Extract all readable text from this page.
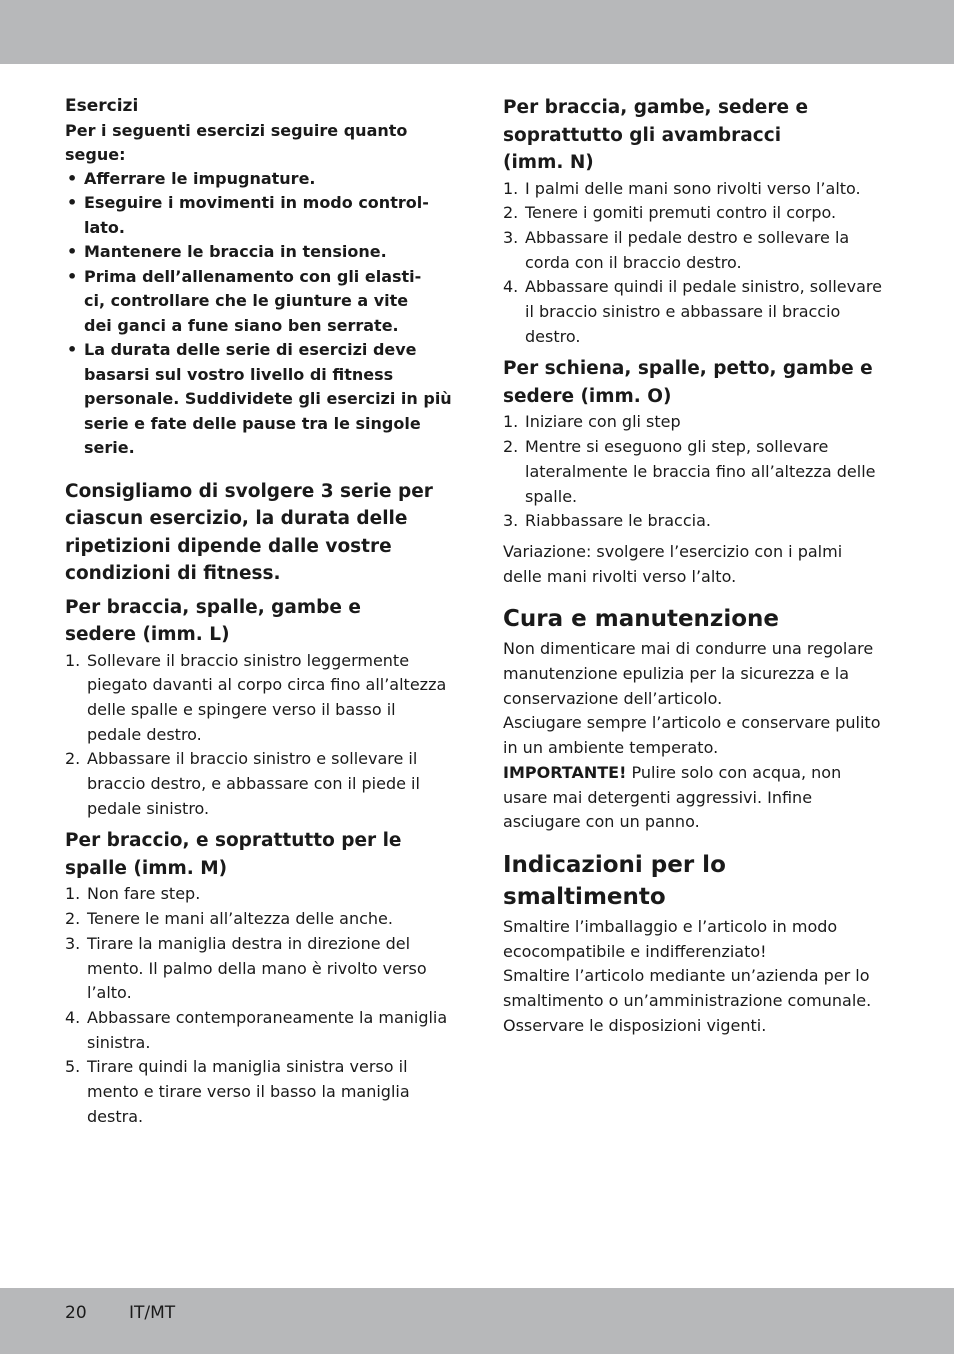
Esercizi

Per i seguenti esercizi seguire quanto segue:

• Afferrare le impugnature.
• Eseguire i movimenti in modo control-lato.
• Mantenere le braccia in tensione.
• Prima dell’allenamento con gli elasti-ci, controllare che le giunture a vite dei ganci a fune siano ben serrate.
• La durata delle serie di esercizi deve basarsi sul vostro livello di fitness personale. Suddividete gli esercizi in più serie e fate delle pause tra le singole serie.

Consigliamo di svolgere 3 serie per ciascun esercizio, la durata delle ripetizioni dipende dalle vostre condizioni di fitness.

Per braccia, spalle, gambe e sedere (imm. L)
1. Sollevare il braccio sinistro leggermente piegato davanti al corpo circa fino all’altezza delle spalle e spingere verso il basso il pedale destro.
2. Abbassare il braccio sinistro e sollevare il braccio destro, e abbassare con il piede il pedale sinistro.
Per braccio, e soprattutto per le spalle (imm. M)
1. Non fare step.
2. Tenere le mani all’altezza delle anche.
3. Tirare la maniglia destra in direzione del mento. Il palmo della mano è rivolto verso l’alto.
4. Abbassare contemporaneamente la maniglia sinistra.
5. Tirare quindi la maniglia sinistra verso il mento e tirare verso il basso la maniglia destra.
Per braccia, gambe, sedere e soprattutto gli avambracci (imm. N)
1. I palmi delle mani sono rivolti verso l’alto.
2. Tenere i gomiti premuti contro il corpo.
3. Abbassare il pedale destro e sollevare la corda con il braccio destro.
4. Abbassare quindi il pedale sinistro, sollevare il braccio sinistro e abbassare il braccio destro.
Per schiena, spalle, petto, gambe e sedere (imm. O)
1. Iniziare con gli step
2. Mentre si eseguono gli step, sollevare lateralmente le braccia fino all’altezza delle spalle.
3. Riabbassare le braccia.

Variazione: svolgere l’esercizio con i palmi delle mani rivolti verso l’alto.

Cura e manutenzione

Non dimenticare mai di condurre una regolare manutenzione epulizia per la sicurezza e la conservazione dell’articolo.

Asciugare sempre l’articolo e conservare pulito in un ambiente temperato.

IMPORTANTE! Pulire solo con acqua, non usare mai detergenti aggressivi. Infine asciugare con un panno.

Indicazioni per lo smaltimento

Smaltire l’imballaggio e l’articolo in modo ecocompatibile e indifferenziato!

Smaltire l’articolo mediante un’azienda per lo smaltimento o un’amministrazione comunale. Osservare le disposizioni vigenti.

20 IT/MT
